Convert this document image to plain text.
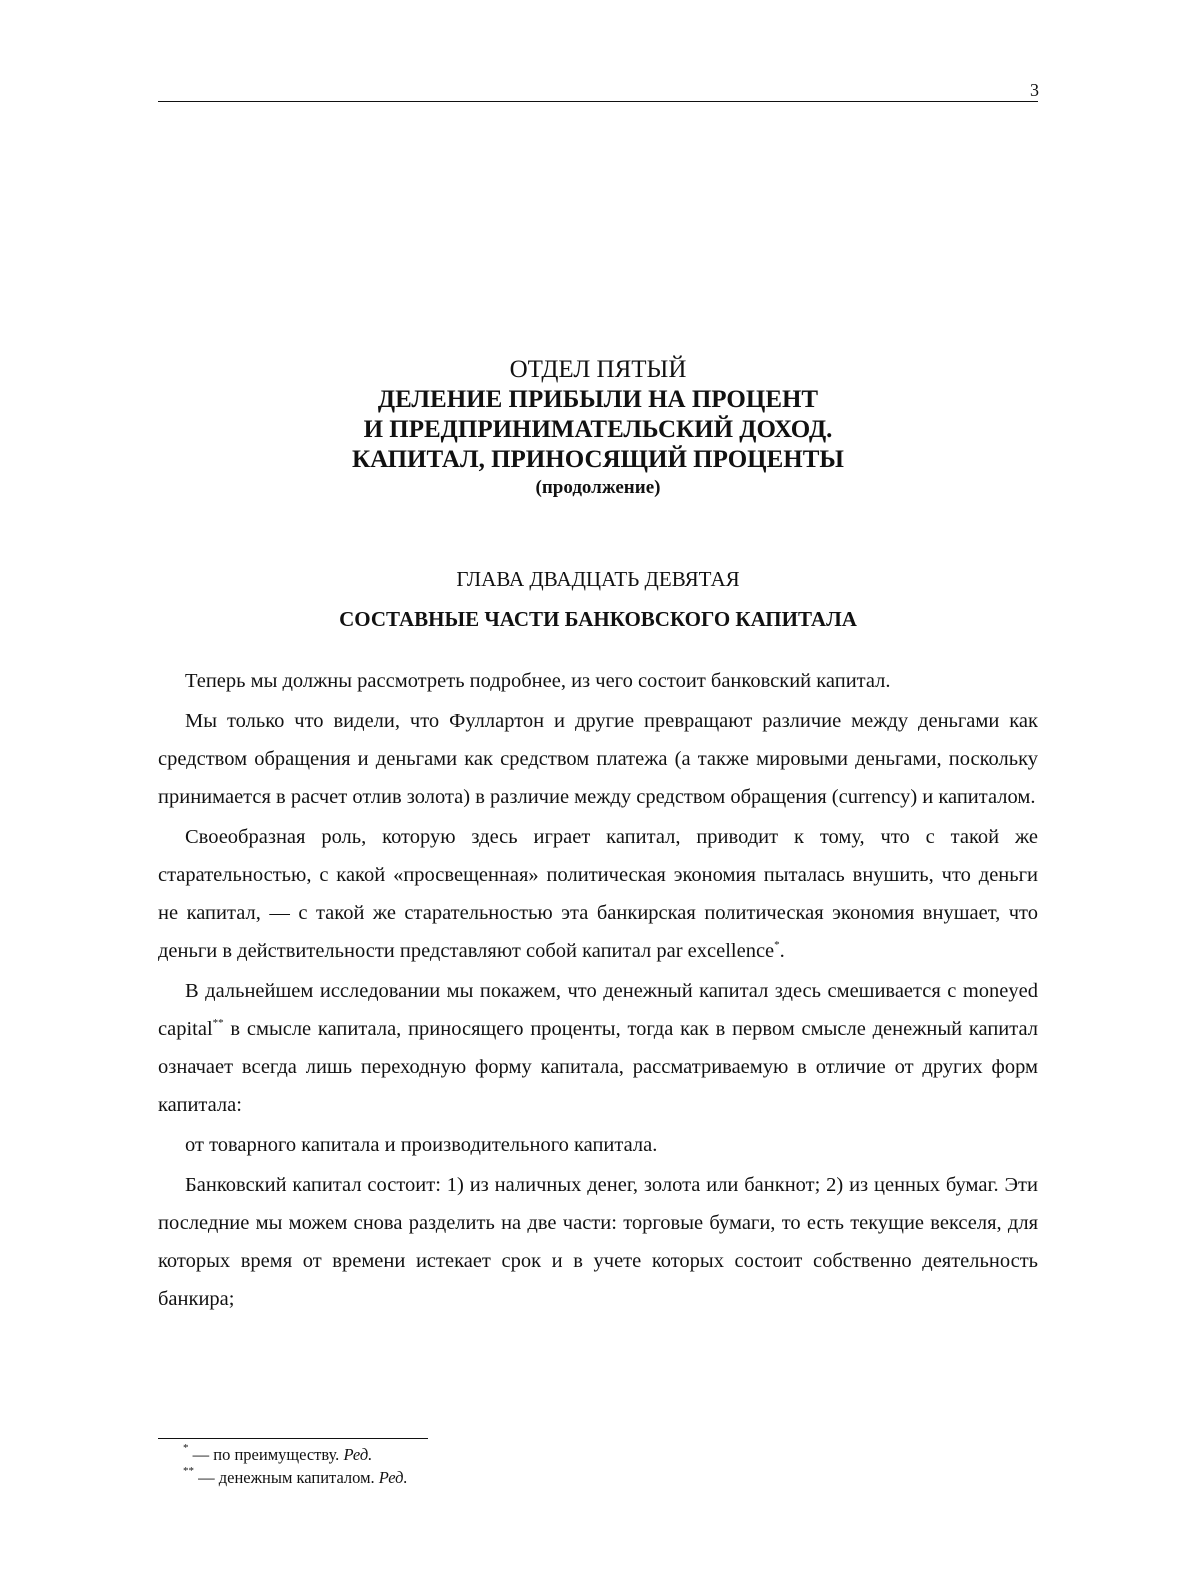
3
ОТДЕЛ ПЯТЫЙ
ДЕЛЕНИЕ ПРИБЫЛИ НА ПРОЦЕНТ
И ПРЕДПРИНИМАТЕЛЬСКИЙ ДОХОД.
КАПИТАЛ, ПРИНОСЯЩИЙ ПРОЦЕНТЫ
(продолжение)
ГЛАВА ДВАДЦАТЬ ДЕВЯТАЯ
СОСТАВНЫЕ ЧАСТИ БАНКОВСКОГО КАПИТАЛА

Теперь мы должны рассмотреть подробнее, из чего состоит банковский капитал.

Мы только что видели, что Фуллартон и другие превращают различие между деньгами как средством обращения и деньгами как средством платежа (а также мировыми деньгами, поскольку принимается в расчет отлив золота) в различие между средством обращения (currency) и капиталом.

Своеобразная роль, которую здесь играет капитал, приводит к тому, что с такой же старательностью, с какой «просвещенная» политическая экономия пыталась внушить, что деньги не капитал, — с такой же старательностью эта банкирская политическая экономия внушает, что деньги в действительности представляют собой капитал par excellence*.

В дальнейшем исследовании мы покажем, что денежный капитал здесь смешивается с moneyed capital** в смысле капитала, приносящего проценты, тогда как в первом смысле денежный капитал означает всегда лишь переходную форму капитала, рассматриваемую в отличие от других форм капитала:

от товарного капитала и производительного капитала.

Банковский капитал состоит: 1) из наличных денег, золота или банкнот; 2) из ценных бумаг. Эти последние мы можем снова разделить на две части: торговые бумаги, то есть текущие векселя, для которых время от времени истекает срок и в учете которых состоит собственно деятельность банкира;

* — по преимуществу. Ред.
** — денежным капиталом. Ред.
